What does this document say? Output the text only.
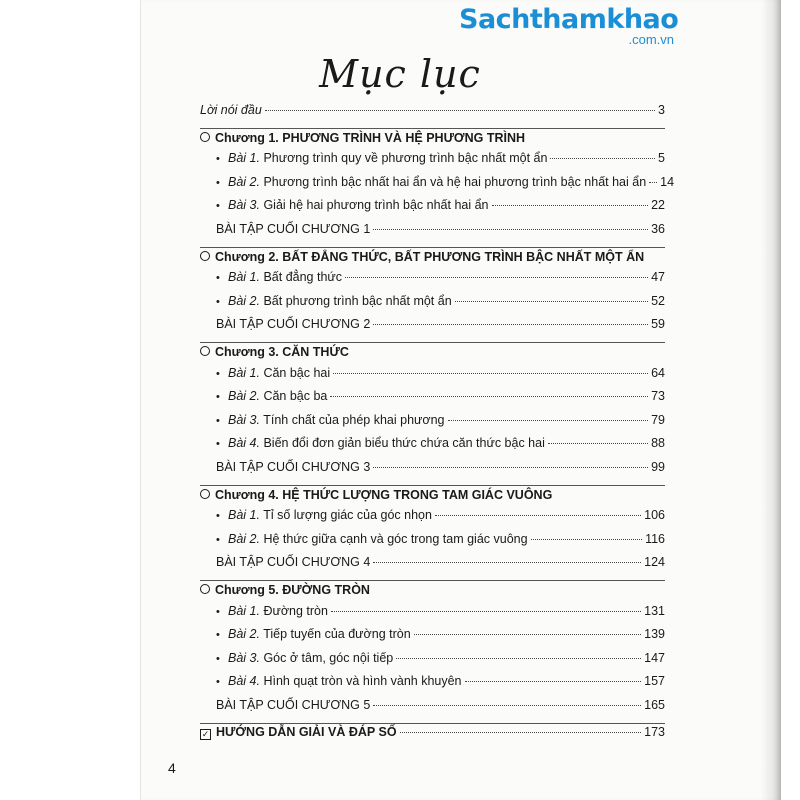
Sachthamkhao
.com.vn
Mục lục
Lời nói đầu	3
Chương 1. PHƯƠNG TRÌNH VÀ HỆ PHƯƠNG TRÌNH
• Bài 1. Phương trình quy về phương trình bậc nhất một ẩn	5
• Bài 2. Phương trình bậc nhất hai ẩn và hệ hai phương trình bậc nhất hai ẩn 14
• Bài 3. Giải hệ hai phương trình bậc nhất hai ẩn	22
BÀI TẬP CUỐI CHƯƠNG 1	36
Chương 2. BẤT ĐẲNG THỨC, BẤT PHƯƠNG TRÌNH BẬC NHẤT MỘT ẨN
• Bài 1. Bất đẳng thức	47
• Bài 2. Bất phương trình bậc nhất một ẩn	52
BÀI TẬP CUỐI CHƯƠNG 2	59
Chương 3. CĂN THỨC
• Bài 1. Căn bậc hai	64
• Bài 2. Căn bậc ba	73
• Bài 3. Tính chất của phép khai phương	79
• Bài 4. Biến đổi đơn giản biểu thức chứa căn thức bậc hai	88
BÀI TẬP CUỐI CHƯƠNG 3	99
Chương 4. HỆ THỨC LƯỢNG TRONG TAM GIÁC VUÔNG
• Bài 1. Tỉ số lượng giác của góc nhọn	106
• Bài 2. Hệ thức giữa cạnh và góc trong tam giác vuông	116
BÀI TẬP CUỐI CHƯƠNG 4	124
Chương 5. ĐƯỜNG TRÒN
• Bài 1. Đường tròn	131
• Bài 2. Tiếp tuyến của đường tròn	139
• Bài 3. Góc ở tâm, góc nội tiếp	147
• Bài 4. Hình quạt tròn và hình vành khuyên	157
BÀI TẬP CUỐI CHƯƠNG 5	165
✓ HƯỚNG DẪN GIẢI VÀ ĐÁP SỐ	173
4
